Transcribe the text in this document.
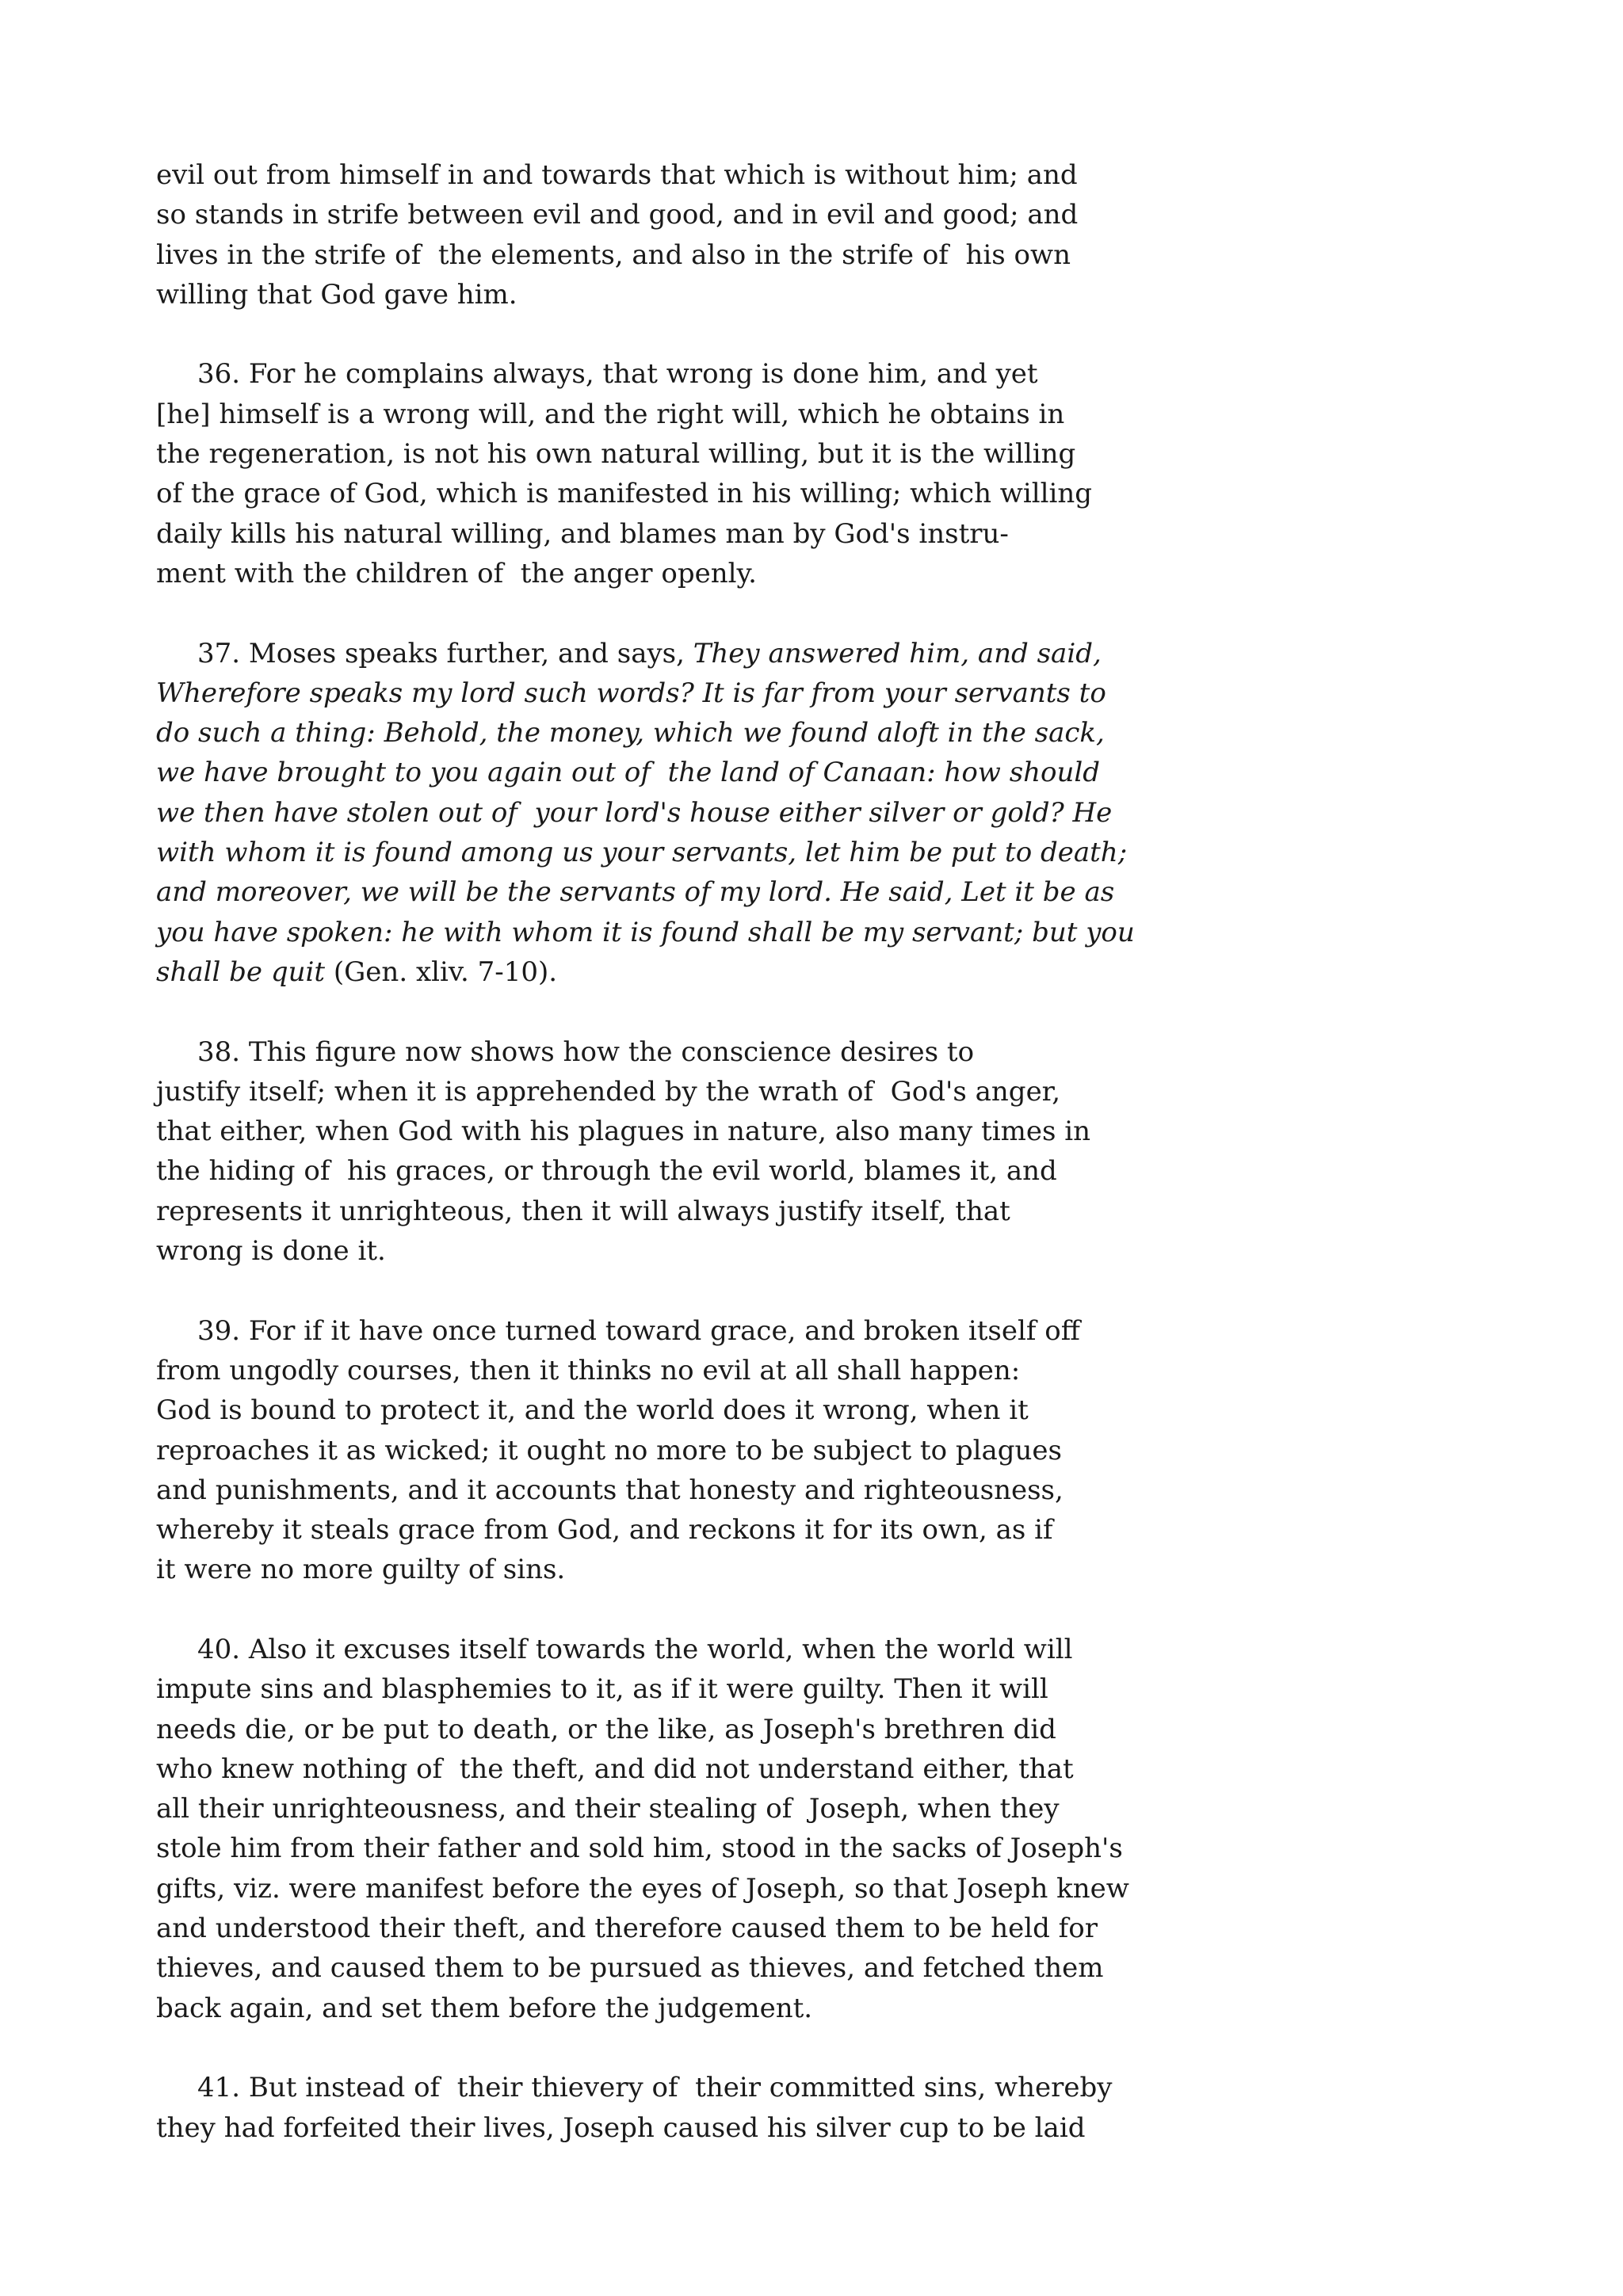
evil out from himself in and towards that which is without him; and
so stands in strife between evil and good, and in evil and good; and
lives in the strife of  the elements, and also in the strife of  his own
willing that God gave him.
36. For he complains always, that wrong is done him, and yet
[he] himself is a wrong will, and the right will, which he obtains in
the regeneration, is not his own natural willing, but it is the willing
of the grace of God, which is manifested in his willing; which willing
daily kills his natural willing, and blames man by God's instru-
ment with the children of  the anger openly.
37. Moses speaks further, and says, They answered him, and said,
Wherefore speaks my lord such words? It is far from your servants to
do such a thing: Behold, the money, which we found aloft in the sack,
we have brought to you again out of  the land of Canaan: how should
we then have stolen out of  your lord's house either silver or gold? He
with whom it is found among us your servants, let him be put to death;
and moreover, we will be the servants of my lord. He said, Let it be as
you have spoken: he with whom it is found shall be my servant; but you
shall be quit (Gen. xliv. 7-10).
38. This figure now shows how the conscience desires to
justify itself; when it is apprehended by the wrath of  God's anger,
that either, when God with his plagues in nature, also many times in
the hiding of  his graces, or through the evil world, blames it, and
represents it unrighteous, then it will always justify itself, that
wrong is done it.
39. For if it have once turned toward grace, and broken itself off
from ungodly courses, then it thinks no evil at all shall happen:
God is bound to protect it, and the world does it wrong, when it
reproaches it as wicked; it ought no more to be subject to plagues
and punishments, and it accounts that honesty and righteousness,
whereby it steals grace from God, and reckons it for its own, as if
it were no more guilty of sins.
40. Also it excuses itself towards the world, when the world will
impute sins and blasphemies to it, as if it were guilty. Then it will
needs die, or be put to death, or the like, as Joseph's brethren did
who knew nothing of  the theft, and did not understand either, that
all their unrighteousness, and their stealing of  Joseph, when they
stole him from their father and sold him, stood in the sacks of Joseph's
gifts, viz. were manifest before the eyes of Joseph, so that Joseph knew
and understood their theft, and therefore caused them to be held for
thieves, and caused them to be pursued as thieves, and fetched them
back again, and set them before the judgement.
41. But instead of  their thievery of  their committed sins, whereby
they had forfeited their lives, Joseph caused his silver cup to be laid
